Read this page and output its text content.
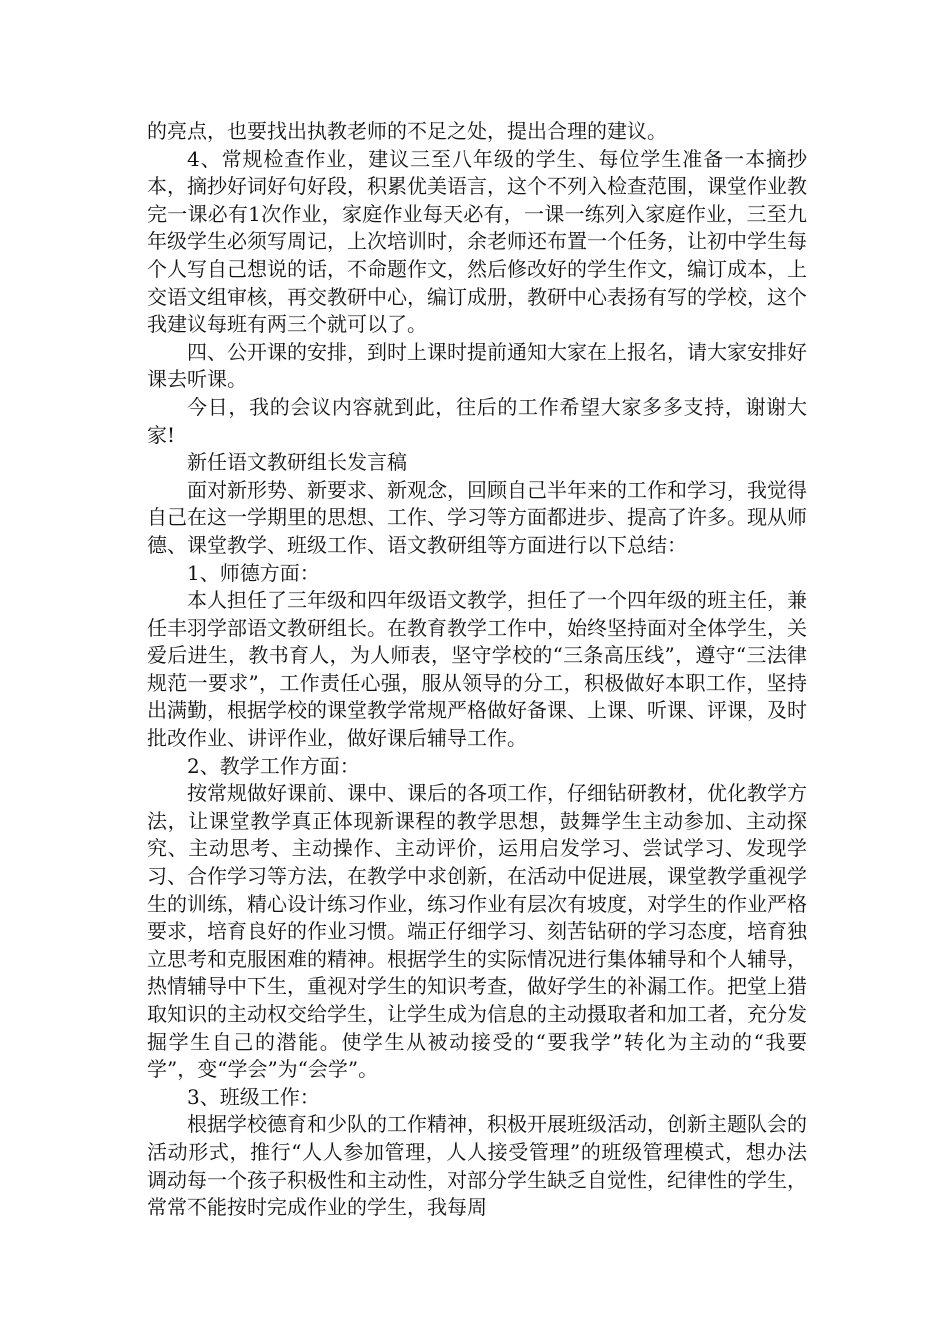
的亮点，也要找出执教老师的不足之处，提出合理的建议。

4、常规检查作业，建议三至八年级的学生、每位学生准备一本摘抄本，摘抄好词好句好段，积累优美语言，这个不列入检查范围，课堂作业教完一课必有1次作业，家庭作业每天必有，一课一练列入家庭作业，三至九年级学生必须写周记，上次培训时，余老师还布置一个任务，让初中学生每个人写自己想说的话，不命题作文，然后修改好的学生作文，编订成本，上交语文组审核，再交教研中心，编订成册，教研中心表扬有写的学校，这个我建议每班有两三个就可以了。

四、公开课的安排，到时上课时提前通知大家在上报名，请大家安排好课去听课。

今日，我的会议内容就到此，往后的工作希望大家多多支持，谢谢大家!

新任语文教研组长发言稿

面对新形势、新要求、新观念，回顾自己半年来的工作和学习，我觉得自己在这一学期里的思想、工作、学习等方面都进步、提高了许多。现从师德、课堂教学、班级工作、语文教研组等方面进行以下总结：

1、师德方面：

本人担任了三年级和四年级语文教学，担任了一个四年级的班主任，兼任丰羽学部语文教研组长。在教育教学工作中，始终坚持面对全体学生，关爱后进生，教书育人，为人师表，坚守学校的“三条高压线”，遵守“三法律规范一要求”，工作责任心强，服从领导的分工，积极做好本职工作，坚持出满勤，根据学校的课堂教学常规严格做好备课、上课、听课、评课，及时批改作业、讲评作业，做好课后辅导工作。

2、教学工作方面：

按常规做好课前、课中、课后的各项工作，仔细钻研教材，优化教学方法，让课堂教学真正体现新课程的教学思想，鼓舞学生主动参加、主动探究、主动思考、主动操作、主动评价，运用启发学习、尝试学习、发现学习、合作学习等方法，在教学中求创新，在活动中促进展，课堂教学重视学生的训练，精心设计练习作业，练习作业有层次有坡度，对学生的作业严格要求，培育良好的作业习惯。端正仔细学习、刻苦钻研的学习态度，培育独立思考和克服困难的精神。根据学生的实际情况进行集体辅导和个人辅导，热情辅导中下生，重视对学生的知识考查，做好学生的补漏工作。把堂上猎取知识的主动权交给学生，让学生成为信息的主动摄取者和加工者，充分发掘学生自己的潜能。使学生从被动接受的“要我学”转化为主动的“我要学”，变“学会”为“会学”。

3、班级工作：

根据学校德育和少队的工作精神，积极开展班级活动，创新主题队会的活动形式，推行“人人参加管理，人人接受管理”的班级管理模式，想办法调动每一个孩子积极性和主动性，对部分学生缺乏自觉性，纪律性的学生，常常不能按时完成作业的学生，我每周
